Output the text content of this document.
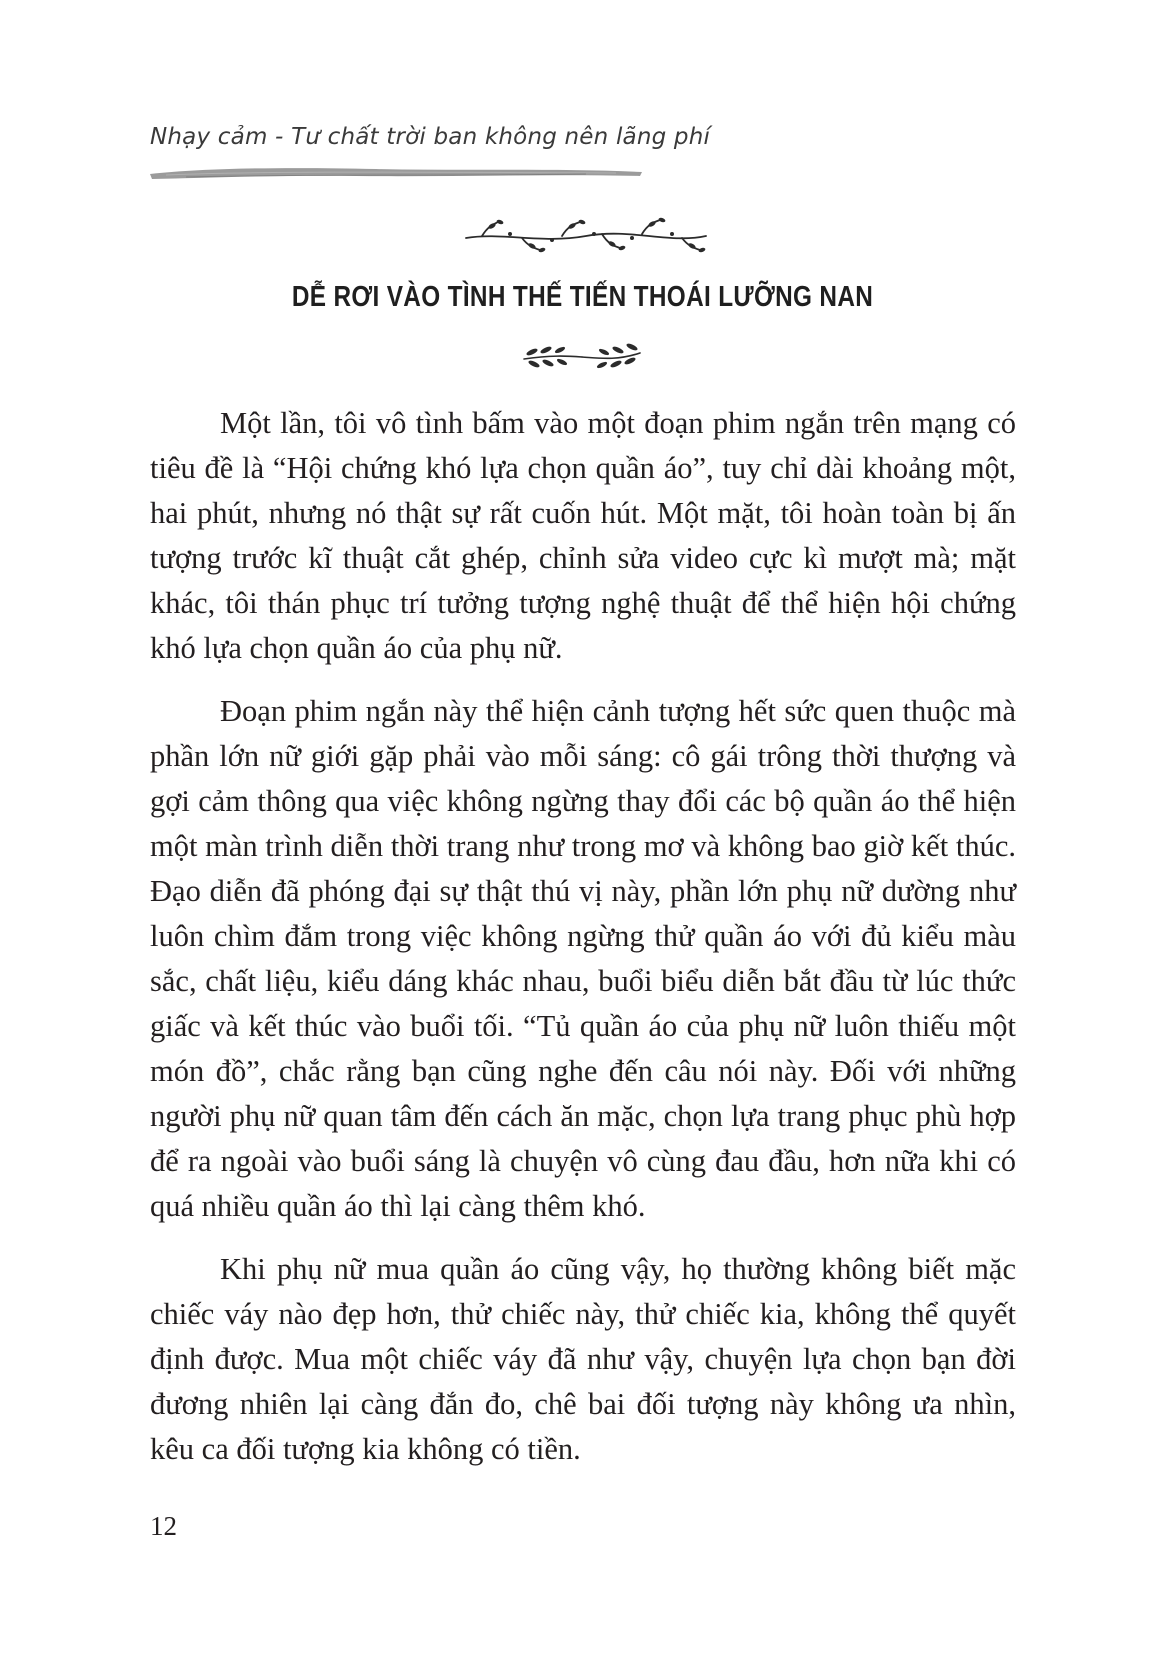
Nhạy cảm - Tư chất trời ban không nên lãng phí
DỄ RƠI VÀO TÌNH THẾ TIẾN THOÁI LƯỠNG NAN

Một lần, tôi vô tình bấm vào một đoạn phim ngắn trên mạng có tiêu đề là “Hội chứng khó lựa chọn quần áo”, tuy chỉ dài khoảng một, hai phút, nhưng nó thật sự rất cuốn hút. Một mặt, tôi hoàn toàn bị ấn tượng trước kĩ thuật cắt ghép, chỉnh sửa video cực kì mượt mà; mặt khác, tôi thán phục trí tưởng tượng nghệ thuật để thể hiện hội chứng khó lựa chọn quần áo của phụ nữ.

Đoạn phim ngắn này thể hiện cảnh tượng hết sức quen thuộc mà phần lớn nữ giới gặp phải vào mỗi sáng: cô gái trông thời thượng và gợi cảm thông qua việc không ngừng thay đổi các bộ quần áo thể hiện một màn trình diễn thời trang như trong mơ và không bao giờ kết thúc. Đạo diễn đã phóng đại sự thật thú vị này, phần lớn phụ nữ dường như luôn chìm đắm trong việc không ngừng thử quần áo với đủ kiểu màu sắc, chất liệu, kiểu dáng khác nhau, buổi biểu diễn bắt đầu từ lúc thức giấc và kết thúc vào buổi tối. “Tủ quần áo của phụ nữ luôn thiếu một món đồ”, chắc rằng bạn cũng nghe đến câu nói này. Đối với những người phụ nữ quan tâm đến cách ăn mặc, chọn lựa trang phục phù hợp để ra ngoài vào buổi sáng là chuyện vô cùng đau đầu, hơn nữa khi có quá nhiều quần áo thì lại càng thêm khó.

Khi phụ nữ mua quần áo cũng vậy, họ thường không biết mặc chiếc váy nào đẹp hơn, thử chiếc này, thử chiếc kia, không thể quyết định được. Mua một chiếc váy đã như vậy, chuyện lựa chọn bạn đời đương nhiên lại càng đắn đo, chê bai đối tượng này không ưa nhìn, kêu ca đối tượng kia không có tiền.

12
